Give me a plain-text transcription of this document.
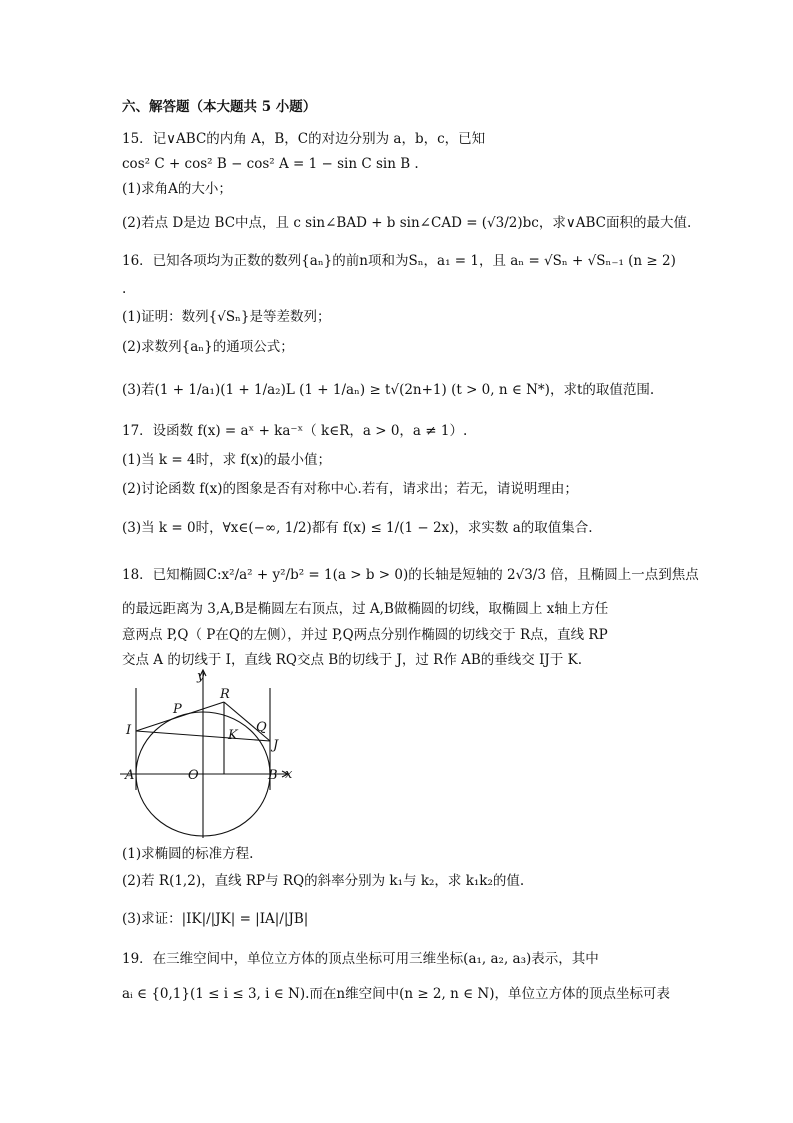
六、解答题（本大题共 5 小题）
15．记∨ABC的内角 A，B，C的对边分别为 a，b，c，已知
cos² C + cos² B − cos² A = 1 − sin C sin B .
(1)求角A的大小；
(2)若点 D是边 BC中点，且 c sin∠BAD + b sin∠CAD = (√3/2)bc，求∨ABC面积的最大值.
16．已知各项均为正数的数列{aₙ}的前n项和为Sₙ，a₁ = 1，且 aₙ = √Sₙ + √Sₙ₋₁ (n ≥ 2)
.
(1)证明：数列{√Sₙ}是等差数列；
(2)求数列{aₙ}的通项公式；
(3)若(1 + 1/a₁)(1 + 1/a₂)L (1 + 1/aₙ) ≥ t√(2n+1) (t > 0, n ∈ N*)，求t的取值范围.
17．设函数 f(x) = aˣ + ka⁻ˣ（ k∈R，a > 0，a ≠ 1）.
(1)当 k = 4时，求 f(x)的最小值；
(2)讨论函数 f(x)的图象是否有对称中心.若有，请求出；若无，请说明理由；
(3)当 k = 0时，∀x∈(−∞, 1/2)都有 f(x) ≤ 1/(1 − 2x)，求实数 a的取值集合.
18．已知椭圆C:x²/a² + y²/b² = 1(a > b > 0)的长轴是短轴的 2√3/3 倍，且椭圆上一点到焦点
的最远距离为 3,A,B是椭圆左右顶点，过 A,B做椭圆的切线，取椭圆上 x轴上方任
意两点 P,Q（ P在Q的左侧），并过 P,Q两点分别作椭圆的切线交于 R点，直线 RP
交点 A 的切线于 I，直线 RQ交点 B的切线于 J，过 R作 AB的垂线交 IJ于 K.
y
x
R
P
Q
I	K
J
A	O	B
(1)求椭圆的标准方程.
(2)若 R(1,2)，直线 RP与 RQ的斜率分别为 k₁与 k₂，求 k₁k₂的值.
(3)求证：|IK|/|JK| = |IA|/|JB|
19．在三维空间中，单位立方体的顶点坐标可用三维坐标(a₁, a₂, a₃)表示，其中
aᵢ ∈ {0,1}(1 ≤ i ≤ 3, i ∈ N).而在n维空间中(n ≥ 2, n ∈ N)，单位立方体的顶点坐标可表
